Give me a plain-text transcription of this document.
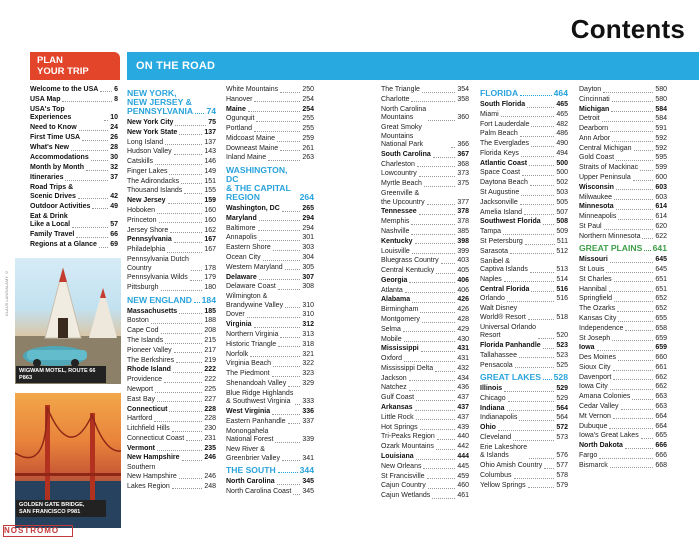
Contents
PLAN
YOUR TRIP	ON THE ROAD
Welcome to the USA 6
USA Map	8
USA's Top Experiences	10
Need to Know	24
First Time USA	26
What's New	28
Accommodations	30
Month by Month	32
Itineraries	37
Road Trips &
Scenic Drives	42
Outdoor Activities	49
Eat & Drink
Like a Local	57
Family Travel	66
Regions at a Glance 69
WIGWAM MOTEL, ROUTE 66
P863
KLAUS LANG/ALAMY ©
GOLDEN GATE BRIDGE,
SAN FRANCISCO P981
NOSTROMO
NEW YORK,
NEW JERSEY &
PENNSYLVANIA 74
New York City	75
New York State	137
Long Island	137
Hudson Valley	143
Catskills	146
Finger Lakes	149
The Adirondacks	151
Thousand Islands	155
New Jersey	159
Hoboken	160
Princeton	160
Jersey Shore	162
Pennsylvania	167
Philadelphia	167
Pennsylvania Dutch
Country	178
Pennsylvania Wilds 179
Pittsburgh	180
NEW ENGLAND 184
Massachusetts	185
Boston	188
Cape Cod	208
The Islands	215
Pioneer Valley	217
The Berkshires	219
Rhode Island	222
Providence	222
Newport	225
East Bay	227
Connecticut	228
Hartford	228
Litchfield Hills	230
Connecticut Coast	231
Vermont	235
New Hampshire	246
Southern
New Hampshire	246
Lakes Region	248
White Mountains	250
Hanover	254
Maine	254
Ogunquit	255
Portland	255
Midcoast Maine	259
Downeast Maine	261
Inland Maine	263
WASHINGTON, DC
& THE CAPITAL
REGION	264
Washington, DC	265
Maryland	294
Baltimore	294
Annapolis	301
Eastern Shore	303
Ocean City	304
Western Maryland	305
Delaware	307
Delaware Coast	308
Wilmington &
Brandywine Valley	310
Dover	310
Virginia	312
Northern Virginia	313
Historic Triangle	318
Norfolk	321
Virginia Beach	322
The Piedmont	323
Shenandoah Valley 329
Blue Ridge Highlands
& Southwest Virginia	333
West Virginia	336
Eastern Panhandle 337
Monongahela
National Forest	339
New River &
Greenbrier Valley	341
THE SOUTH	344
North Carolina	345
North Carolina Coast 345
The Triangle	354
Charlotte	358
North Carolina
Mountains	360
Great Smoky Mountains
National Park	366
South Carolina	367
Charleston	368
Lowcountry	373
Myrtle Beach	375
Greenville &
the Upcountry	377
Tennessee	378
Memphis	378
Nashville	385
Kentucky	398
Louisville	399
Bluegrass Country	403
Central Kentucky	405
Georgia	406
Atlanta	406
Alabama	426
Birmingham	426
Montgomery	428
Selma	429
Mobile	430
Mississippi	431
Oxford	431
Mississippi Delta	432
Jackson	434
Natchez	436
Gulf Coast	437
Arkansas	437
Little Rock	437
Hot Springs	439
Tri-Peaks Region	440
Ozark Mountains	442
Louisiana	444
New Orleans	445
St Francisville	459
Cajun Country	460
Cajun Wetlands	461
FLORIDA	464
South Florida	465
Miami	465
Fort Lauderdale	482
Palm Beach	486
The Everglades	490
Florida Keys	494
Atlantic Coast	500
Space Coast	500
Daytona Beach	502
St Augustine	503
Jacksonville	505
Amelia Island	507
Southwest Florida 508
Tampa	509
St Petersburg	511
Sarasota	512
Sanibel &
Captiva Islands	513
Naples	514
Central Florida	516
Orlando	516
Walt Disney
World® Resort	518
Universal Orlando
Resort	520
Florida Panhandle 523
Tallahassee	523
Pensacola	525
GREAT LAKES 528
Illinois	529
Chicago	529
Indiana	564
Indianapolis	564
Ohio	572
Cleveland	573
Erie Lakeshore
& Islands	576
Ohio Amish Country 577
Columbus	578
Yellow Springs	579
Dayton	580
Cincinnati	580
Michigan	584
Detroit	584
Dearborn	591
Ann Arbor	592
Central Michigan	592
Gold Coast	595
Straits of Mackinac 599
Upper Peninsula	600
Wisconsin	603
Milwaukee	603
Minnesota	614
Minneapolis	614
St Paul	620
Northern Minnesota 622
GREAT PLAINS 641
Missouri	645
St Louis	645
St Charles	651
Hannibal	651
Springfield	652
The Ozarks	652
Kansas City	655
Independence	658
St Joseph	659
Iowa	659
Des Moines	660
Sioux City	661
Davenport	662
Iowa City	662
Amana Colonies	663
Cedar Valley	663
Mt Vernon	664
Dubuque	664
Iowa's Great Lakes 665
North Dakota	666
Fargo	666
Bismarck	668
